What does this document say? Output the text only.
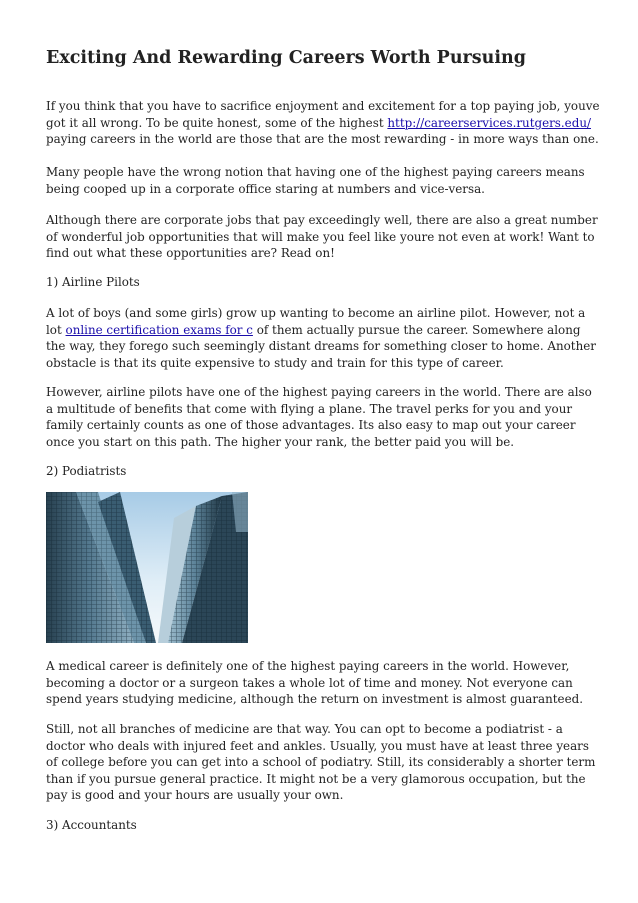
Exciting And Rewarding Careers Worth Pursuing

If you think that you have to sacrifice enjoyment and excitement for a top paying job, youve got it all wrong. To be quite honest, some of the highest http://careerservices.rutgers.edu/ paying careers in the world are those that are the most rewarding - in more ways than one.

Many people have the wrong notion that having one of the highest paying careers means being cooped up in a corporate office staring at numbers and vice-versa.

Although there are corporate jobs that pay exceedingly well, there are also a great number of wonderful job opportunities that will make you feel like youre not even at work! Want to find out what these opportunities are? Read on!

1) Airline Pilots

A lot of boys (and some girls) grow up wanting to become an airline pilot. However, not a lot online certification exams for c of them actually pursue the career. Somewhere along the way, they forego such seemingly distant dreams for something closer to home. Another obstacle is that its quite expensive to study and train for this type of career.

However, airline pilots have one of the highest paying careers in the world. There are also a multitude of benefits that come with flying a plane. The travel perks for you and your family certainly counts as one of those advantages. Its also easy to map out your career once you start on this path. The higher your rank, the better paid you will be.

2) Podiatrists

A medical career is definitely one of the highest paying careers in the world. However, becoming a doctor or a surgeon takes a whole lot of time and money. Not everyone can spend years studying medicine, although the return on investment is almost guaranteed.

Still, not all branches of medicine are that way. You can opt to become a podiatrist - a doctor who deals with injured feet and ankles. Usually, you must have at least three years of college before you can get into a school of podiatry. Still, its considerably a shorter term than if you pursue general practice. It might not be a very glamorous occupation, but the pay is good and your hours are usually your own.

3) Accountants
